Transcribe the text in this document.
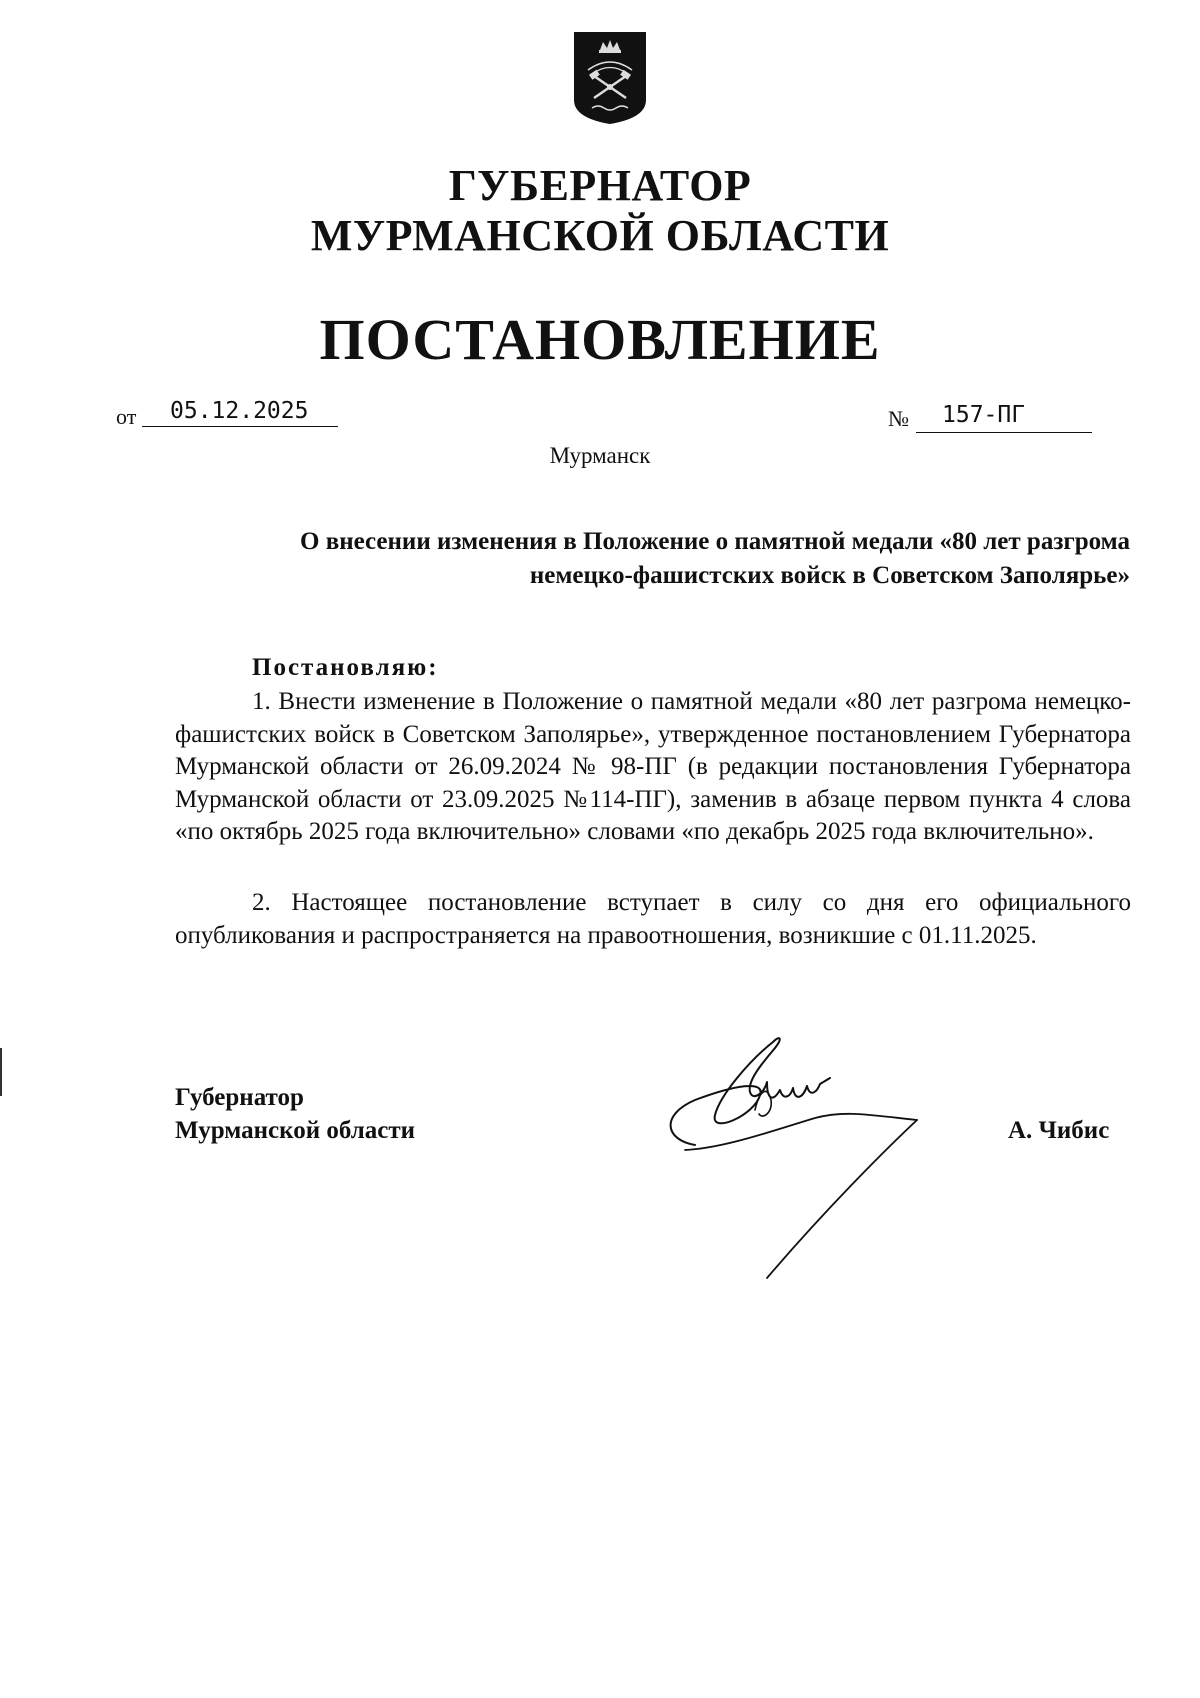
ГУБЕРНАТОР
МУРМАНСКОЙ ОБЛАСТИ
ПОСТАНОВЛЕНИЕ
от 05.12.2025	№ 157-ПГ
Мурманск
О внесении изменения в Положение о памятной медали «80 лет разгрома
немецко-фашистских войск в Советском Заполярье»
Постановляю:
1. Внести изменение в Положение о памятной медали «80 лет разгрома немецко-фашистских войск в Советском Заполярье», утвержденное постановлением Губернатора Мурманской области от 26.09.2024 № 98-ПГ (в редакции постановления Губернатора Мурманской области от 23.09.2025 №114-ПГ), заменив в абзаце первом пункта 4 слова «по октябрь 2025 года включительно» словами «по декабрь 2025 года включительно».
2. Настоящее постановление вступает в силу со дня его официального опубликования и распространяется на правоотношения, возникшие с 01.11.2025.
Губернатор
Мурманской области	А. Чибис
